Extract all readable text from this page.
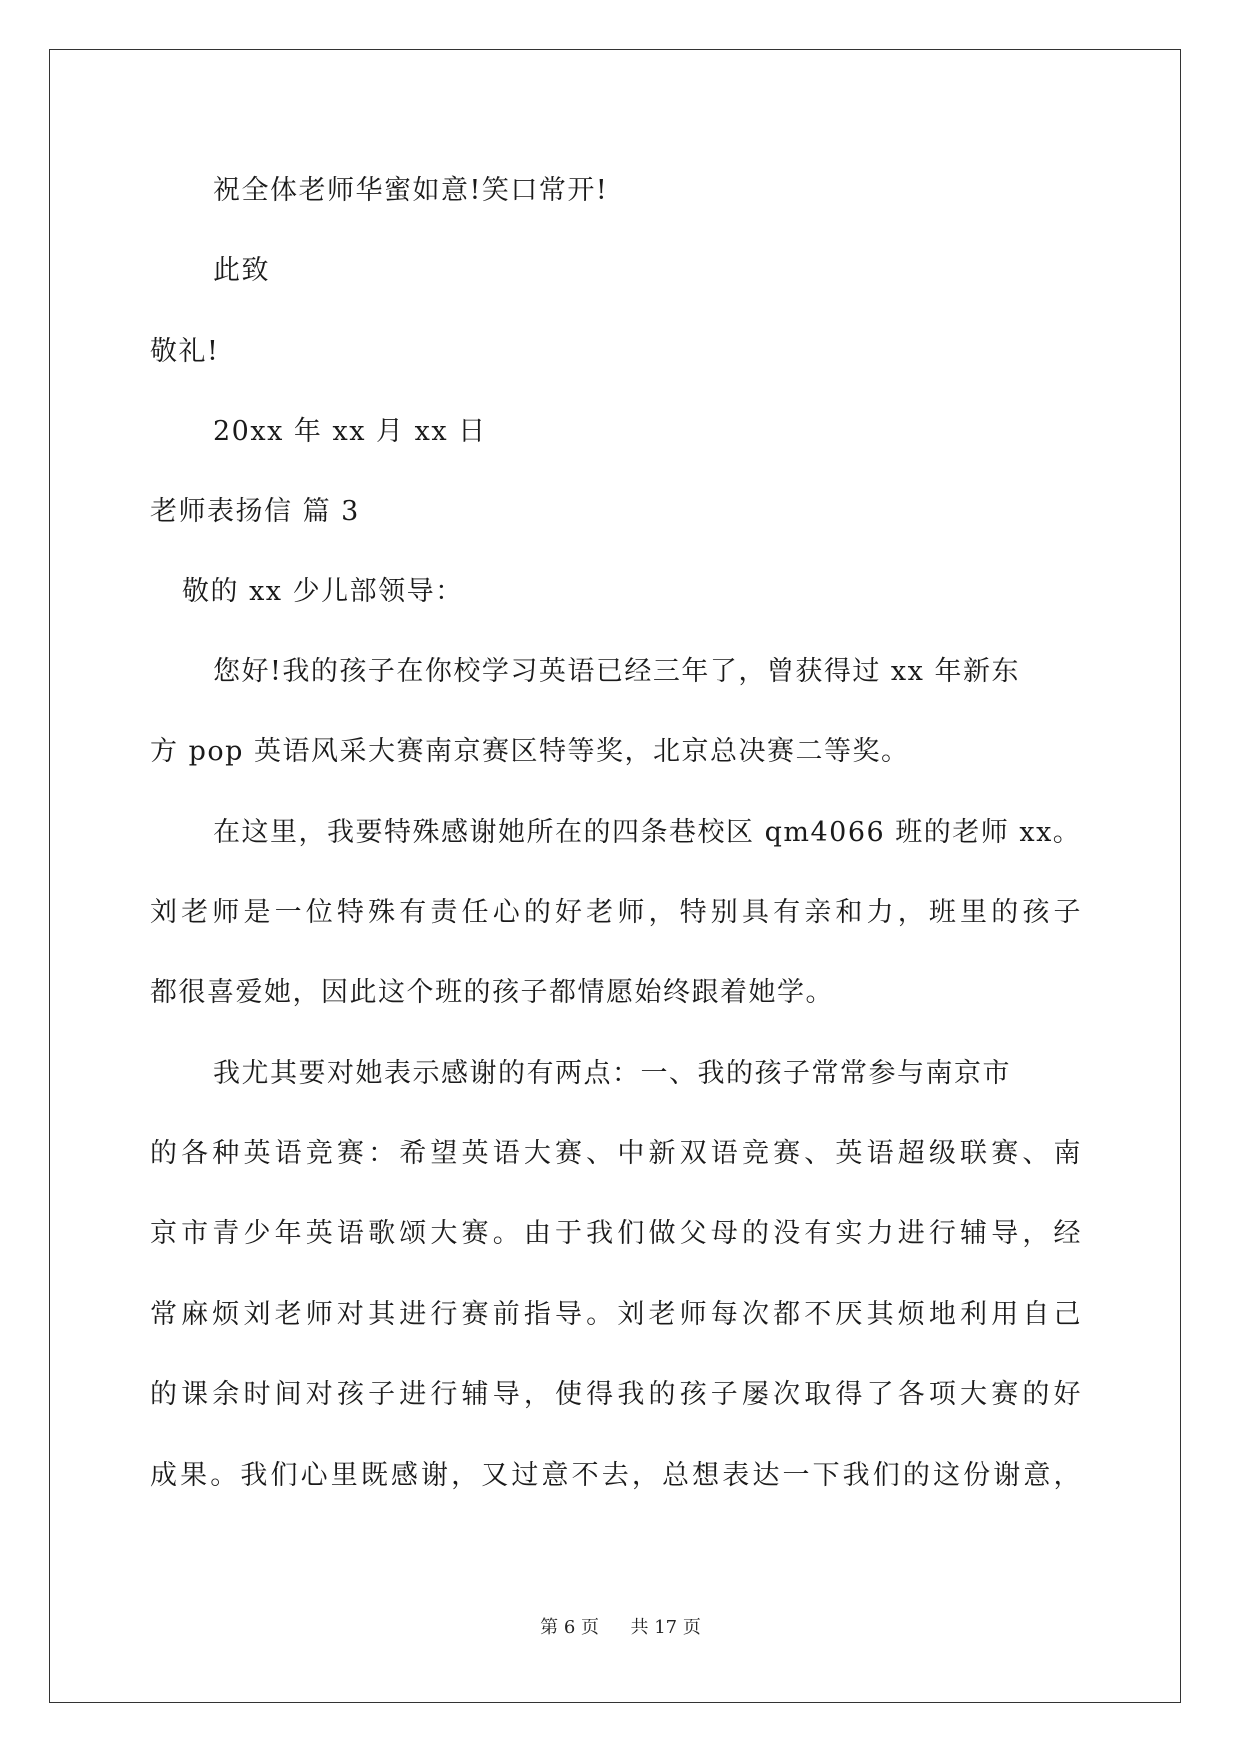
祝全体老师华蜜如意!笑口常开!
此致
敬礼!
20xx 年 xx 月 xx 日
老师表扬信 篇 3
敬的 xx 少儿部领导：
您好!我的孩子在你校学习英语已经三年了，曾获得过 xx 年新东
方 pop 英语风采大赛南京赛区特等奖，北京总决赛二等奖。
在这里，我要特殊感谢她所在的四条巷校区 qm4066 班的老师 xx。
刘老师是一位特殊有责任心的好老师，特别具有亲和力，班里的孩子
都很喜爱她，因此这个班的孩子都情愿始终跟着她学。
我尤其要对她表示感谢的有两点：一、我的孩子常常参与南京市
的各种英语竞赛：希望英语大赛、中新双语竞赛、英语超级联赛、南
京市青少年英语歌颂大赛。由于我们做父母的没有实力进行辅导，经
常麻烦刘老师对其进行赛前指导。刘老师每次都不厌其烦地利用自己
的课余时间对孩子进行辅导，使得我的孩子屡次取得了各项大赛的好
成果。我们心里既感谢，又过意不去，总想表达一下我们的这份谢意，
第 6 页 共 17 页
